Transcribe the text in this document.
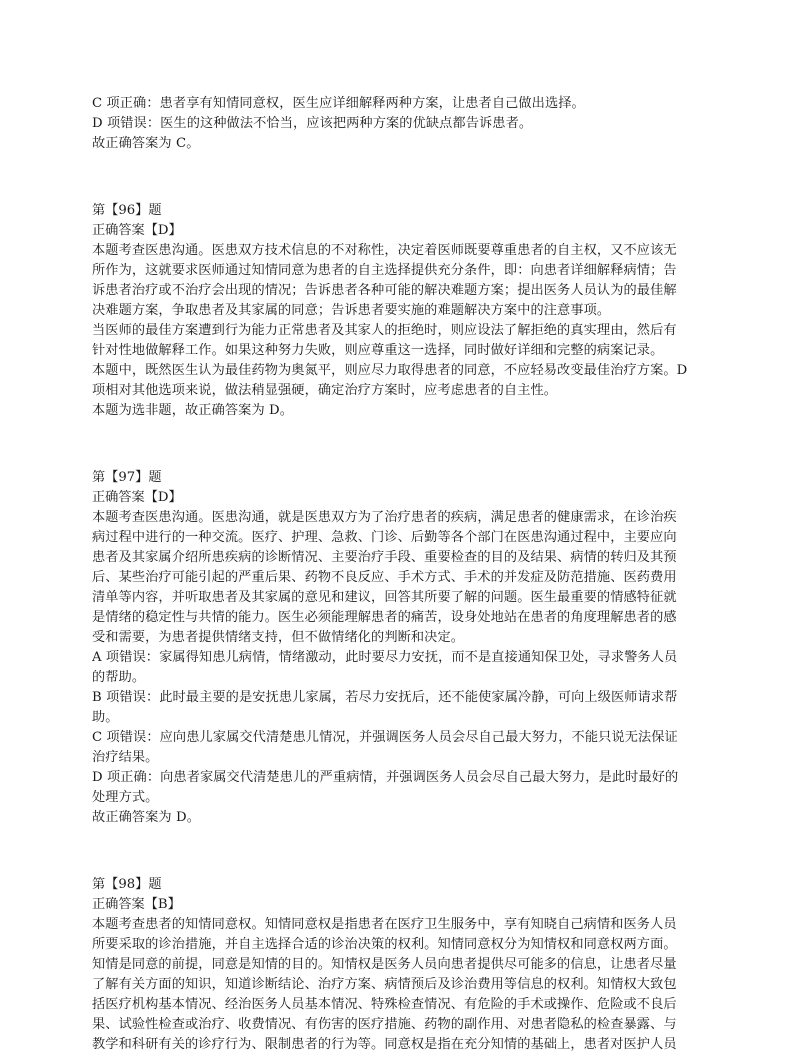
C 项正确：患者享有知情同意权，医生应详细解释两种方案，让患者自己做出选择。
D 项错误：医生的这种做法不恰当，应该把两种方案的优缺点都告诉患者。
故正确答案为 C。
第【96】题
正确答案【D】
本题考查医患沟通。医患双方技术信息的不对称性，决定着医师既要尊重患者的自主权，又不应该无
所作为，这就要求医师通过知情同意为患者的自主选择提供充分条件，即：向患者详细解释病情；告
诉患者治疗或不治疗会出现的情况；告诉患者各种可能的解决难题方案；提出医务人员认为的最佳解
决难题方案，争取患者及其家属的同意；告诉患者要实施的难题解决方案中的注意事项。
当医师的最佳方案遭到行为能力正常患者及其家人的拒绝时，则应设法了解拒绝的真实理由，然后有
针对性地做解释工作。如果这种努力失败，则应尊重这一选择，同时做好详细和完整的病案记录。
本题中，既然医生认为最佳药物为奥氮平，则应尽力取得患者的同意，不应轻易改变最佳治疗方案。D
项相对其他选项来说，做法稍显强硬，确定治疗方案时，应考虑患者的自主性。
本题为选非题，故正确答案为 D。
第【97】题
正确答案【D】
本题考查医患沟通。医患沟通，就是医患双方为了治疗患者的疾病，满足患者的健康需求，在诊治疾
病过程中进行的一种交流。医疗、护理、急救、门诊、后勤等各个部门在医患沟通过程中，主要应向
患者及其家属介绍所患疾病的诊断情况、主要治疗手段、重要检查的目的及结果、病情的转归及其预
后、某些治疗可能引起的严重后果、药物不良反应、手术方式、手术的并发症及防范措施、医药费用
清单等内容，并听取患者及其家属的意见和建议，回答其所要了解的问题。医生最重要的情感特征就
是情绪的稳定性与共情的能力。医生必须能理解患者的痛苦，设身处地站在患者的角度理解患者的感
受和需要，为患者提供情绪支持，但不做情绪化的判断和决定。
A 项错误：家属得知患儿病情，情绪激动，此时要尽力安抚，而不是直接通知保卫处，寻求警务人员
的帮助。
B 项错误：此时最主要的是安抚患儿家属，若尽力安抚后，还不能使家属冷静，可向上级医师请求帮
助。
C 项错误：应向患儿家属交代清楚患儿情况，并强调医务人员会尽自己最大努力，不能只说无法保证
治疗结果。
D 项正确：向患者家属交代清楚患儿的严重病情，并强调医务人员会尽自己最大努力，是此时最好的
处理方式。
故正确答案为 D。
第【98】题
正确答案【B】
本题考查患者的知情同意权。知情同意权是指患者在医疗卫生服务中，享有知晓自己病情和医务人员
所要采取的诊治措施，并自主选择合适的诊治决策的权利。知情同意权分为知情权和同意权两方面。
知情是同意的前提，同意是知情的目的。知情权是医务人员向患者提供尽可能多的信息，让患者尽量
了解有关方面的知识，知道诊断结论、治疗方案、病情预后及诊治费用等信息的权利。知情权大致包
括医疗机构基本情况、经治医务人员基本情况、特殊检查情况、有危险的手术或操作、危险或不良后
果、试验性检查或治疗、收费情况、有伤害的医疗措施、药物的副作用、对患者隐私的检查暴露、与
教学和科研有关的诊疗行为、限制患者的行为等。同意权是指在充分知情的基础上，患者对医护人员
